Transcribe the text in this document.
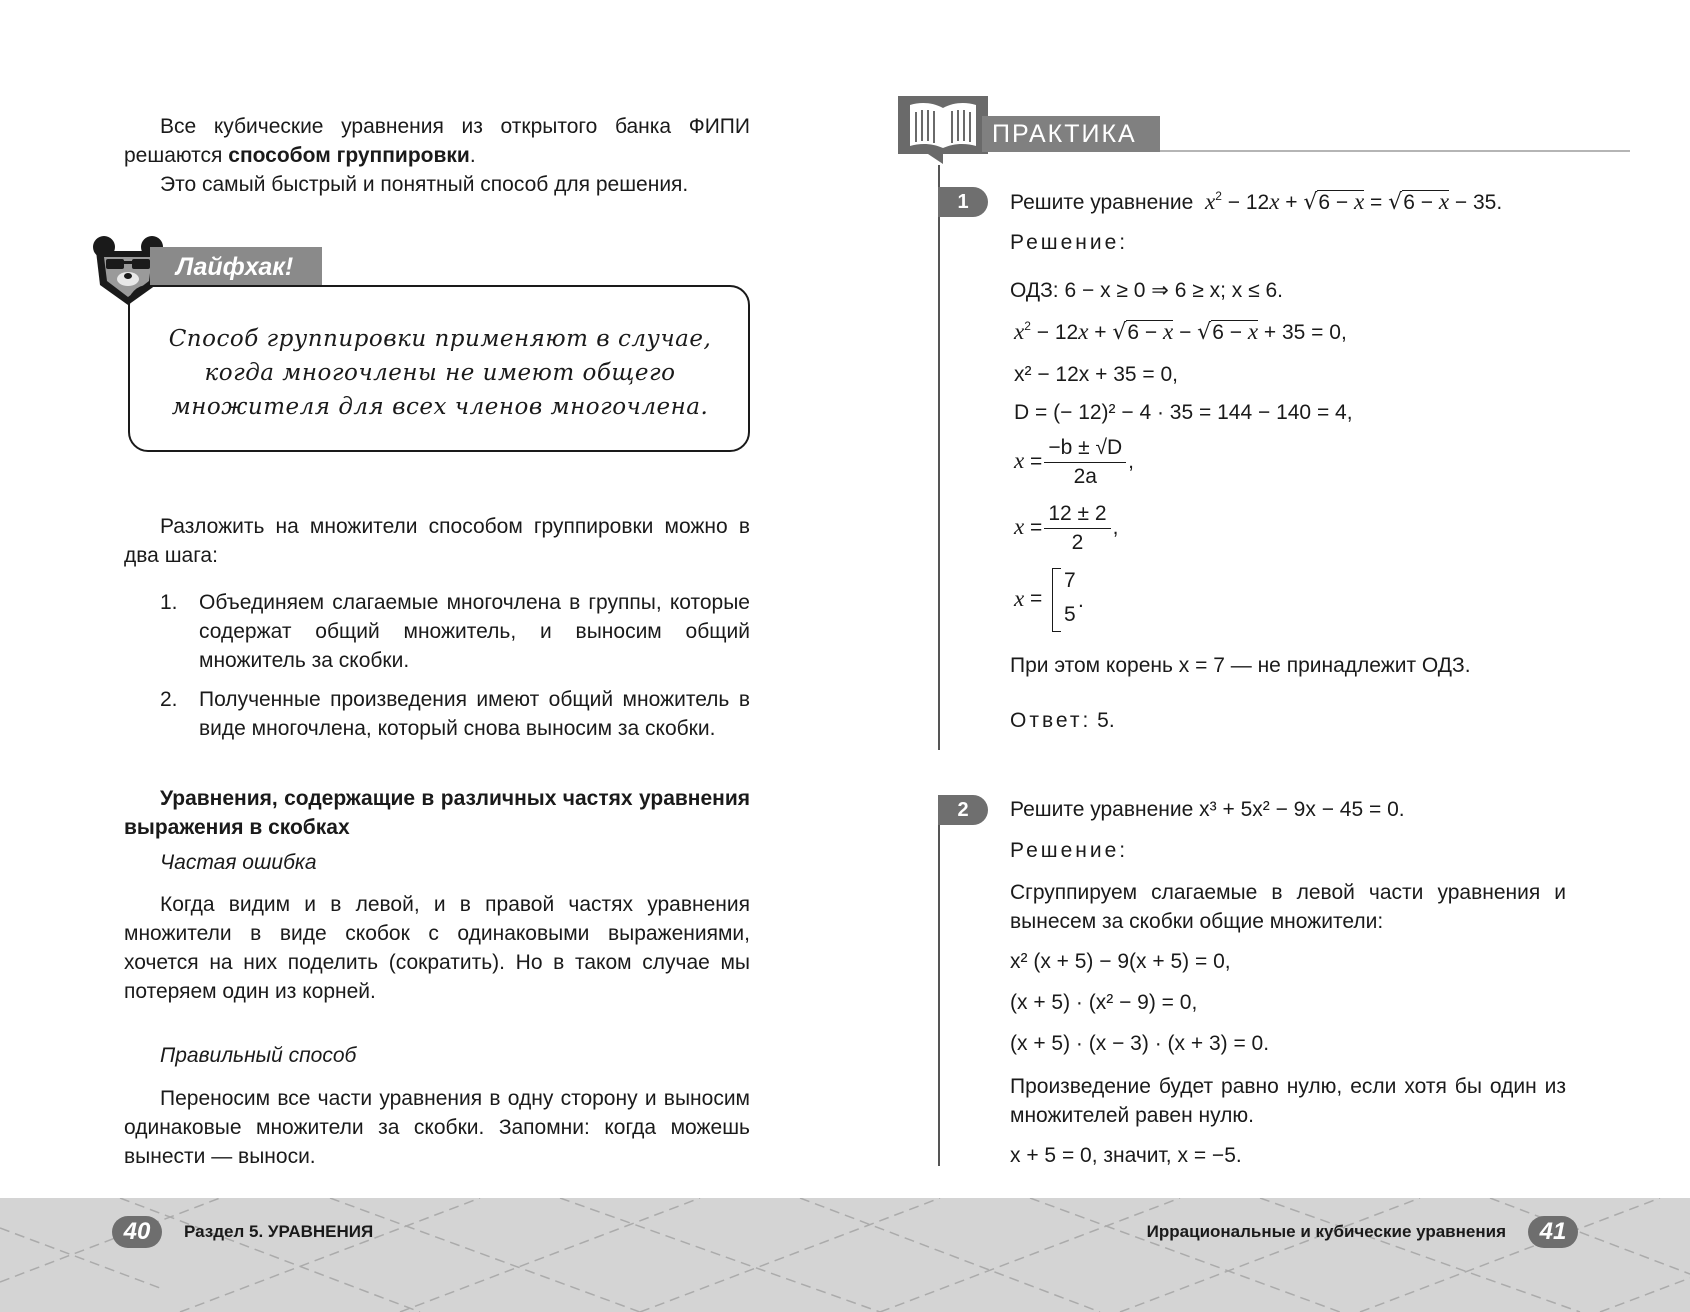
Все кубические уравнения из открытого банка ФИПИ решаются способом группировки.
Это самый быстрый и понятный способ для решения.
Лайфхак!
Способ группировки применяют в случае, когда многочлены не имеют общего множителя для всех членов многочлена.
Разложить на множители способом группировки можно в два шага:
1.	Объединяем слагаемые многочлена в группы, которые содержат общий множитель, и выносим общий множитель за скобки.
2.	Полученные произведения имеют общий множитель в виде многочлена, который снова выносим за скобки.
Уравнения, содержащие в различных частях уравнения выражения в скобках
Частая ошибка
Когда видим и в левой, и в правой частях уравнения множители в виде скобок с одинаковыми выражениями, хочется на них поделить (сократить). Но в таком случае мы потеряем один из корней.
Правильный способ
Переносим все части уравнения в одну сторону и выносим одинаковые множители за скобки. Запомни: когда можешь вынести — выноси.
ПРАКТИКА
1	Решите уравнение $x^2 - 12x + √6 - x = √6 - x - 35$.
Решение:
ОДЗ: 6 − x ≥ 0 ⇒ 6 ≥ x; x ≤ 6.
$x^2 - 12x + √6 - x - √6 - x + 35 = 0$,
x² − 12x + 35 = 0,
D = (− 12)² − 4 · 35 = 144 − 140 = 4,
$x = \frac{-b \pm √D}{2a}$ ,
$x = \frac{12 \pm 2}{2}$ ,
x =
7
5
.
При этом корень x = 7 — не принадлежит ОДЗ.
Ответ: 5.
2	Решите уравнение x³ + 5x² − 9x − 45 = 0.
Решение:
Сгруппируем слагаемые в левой части уравнения и вынесем за скобки общие множители:
x² (x + 5) − 9(x + 5) = 0,
(x + 5) · (x² − 9) = 0,
(x + 5) · (x − 3) · (x + 3) = 0.
Произведение будет равно нулю, если хотя бы один из множителей равен нулю.
x + 5 = 0, значит, x = −5.
40	Раздел 5. УРАВНЕНИЯ	Иррациональные и кубические уравнения	41
